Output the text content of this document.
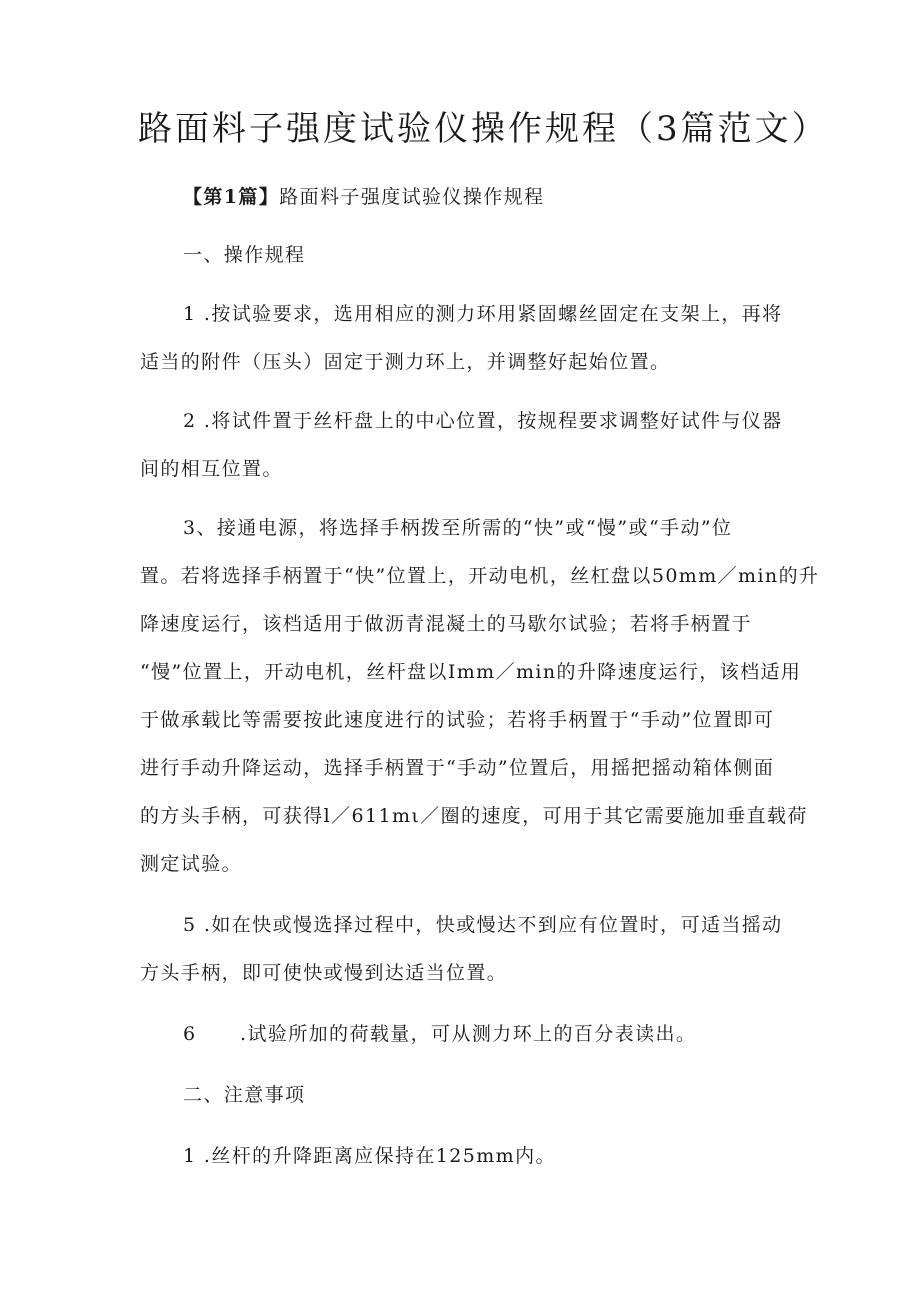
路面料子强度试验仪操作规程（3篇范文）
【第1篇】路面料子强度试验仪操作规程
一、操作规程
1 .按试验要求，选用相应的测力环用紧固螺丝固定在支架上，再将
适当的附件（压头）固定于测力环上，并调整好起始位置。
2 .将试件置于丝杆盘上的中心位置，按规程要求调整好试件与仪器
间的相互位置。
3、接通电源，将选择手柄拨至所需的“快”或“慢”或“手动”位
置。若将选择手柄置于“快”位置上，开动电机，丝杠盘以50mm／min的升
降速度运行，该档适用于做沥青混凝土的马歇尔试验；若将手柄置于
“慢”位置上，开动电机，丝杆盘以Imm／min的升降速度运行，该档适用
于做承载比等需要按此速度进行的试验；若将手柄置于“手动”位置即可
进行手动升降运动，选择手柄置于“手动”位置后，用摇把摇动箱体侧面
的方头手柄，可获得l／611mι／圈的速度，可用于其它需要施加垂直载荷
测定试验。
5 .如在快或慢选择过程中，快或慢达不到应有位置时，可适当摇动
方头手柄，即可使快或慢到达适当位置。
6 .试验所加的荷载量，可从测力环上的百分表读出。
二、注意事项
1 .丝杆的升降距离应保持在125mm内。
